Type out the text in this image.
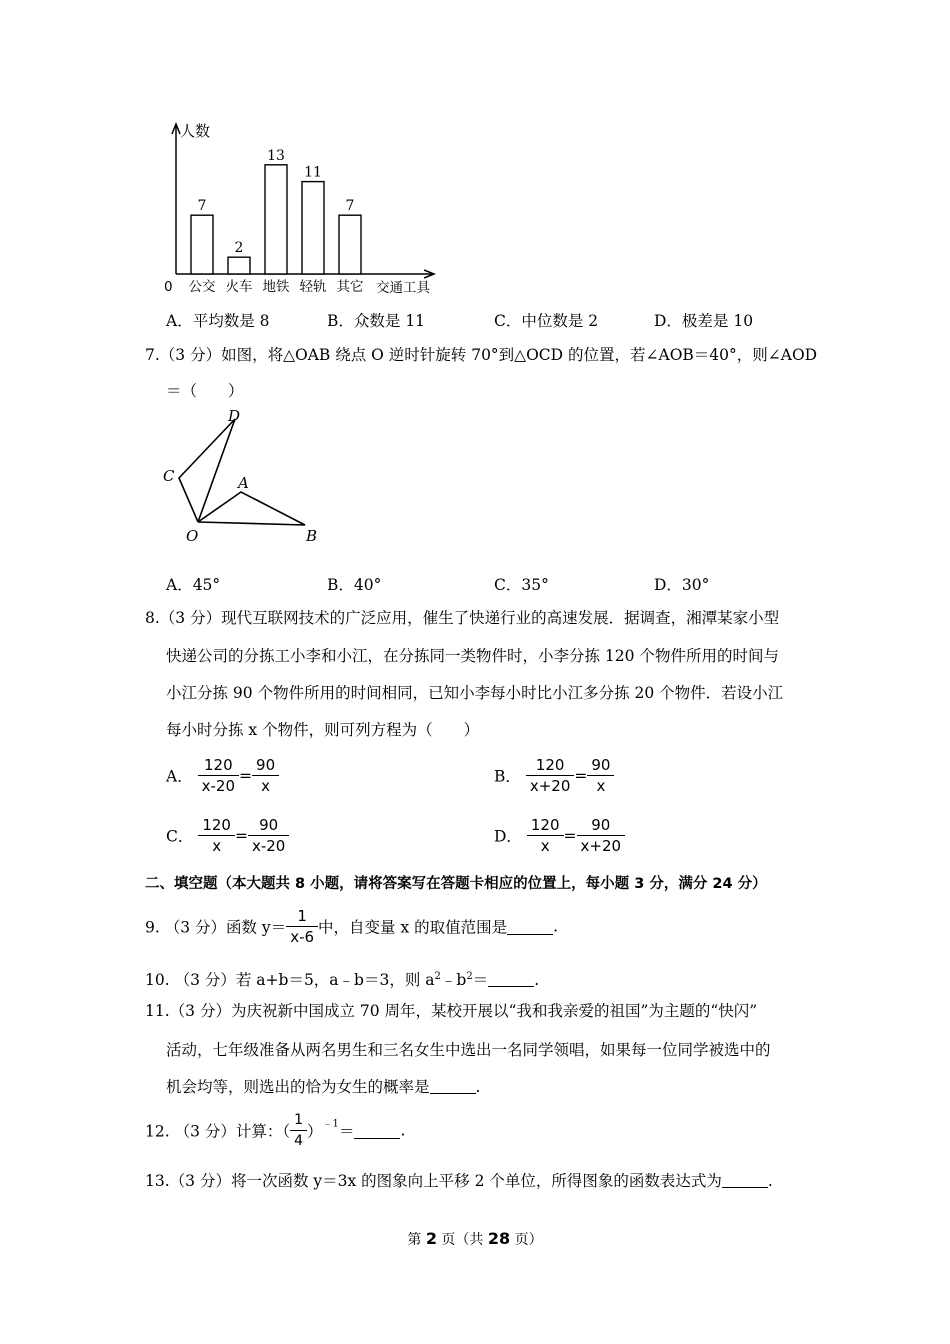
人数
交通工具
0
7
公交
2
火车
13
地铁
11
轻轨
7
其它
A．平均数是 8	B．众数是 11	C．中位数是 2	D．极差是 10
7.（3 分）如图，将△OAB 绕点 O 逆时针旋转 70°到△OCD 的位置，若∠AOB＝40°，则∠AOD
＝（　　）
D
C	A
O	B
A．45°	B．40°	C．35°	D．30°
8.（3 分）现代互联网技术的广泛应用，催生了快递行业的高速发展．据调查，湘潭某家小型
快递公司的分拣工小李和小江，在分拣同一类物件时，小李分拣 120 个物件所用的时间与
小江分拣 90 个物件所用的时间相同，已知小李每小时比小江多分拣 20 个物件．若设小江
每小时分拣 x 个物件，则可列方程为（　　）
A． $\frac{120}{x-20} = \frac{90}{x}$	B． $\frac{120}{x+20} = \frac{90}{x}$
C． $\frac{120}{x} = \frac{90}{x-20}$	D． $\frac{120}{x} = \frac{90}{x+20}$
二、填空题（本大题共 8 小题，请将答案写在答题卡相应的位置上，每小题 3 分，满分 24 分）
9. （3 分）函数 $y= \frac{1}{x-6}$ 中，自变量 x 的取值范围是	.
10. （3 分）若 a+b＝5，a﹣b＝3，则 $a^2﹣b^2=$	.
11.（3 分）为庆祝新中国成立 70 周年，某校开展以“我和我亲爱的祖国”为主题的“快闪”
活动，七年级准备从两名男生和三名女生中选出一名同学领唱，如果每一位同学被选中的
机会均等，则选出的恰为女生的概率是	.
12. （3 分）计算：（ $\frac{1}{4} )^{﹣1}=$	.
13.（3 分）将一次函数 y＝3x 的图象向上平移 2 个单位，所得图象的函数表达式为	.
第 2 页（共 28 页）
